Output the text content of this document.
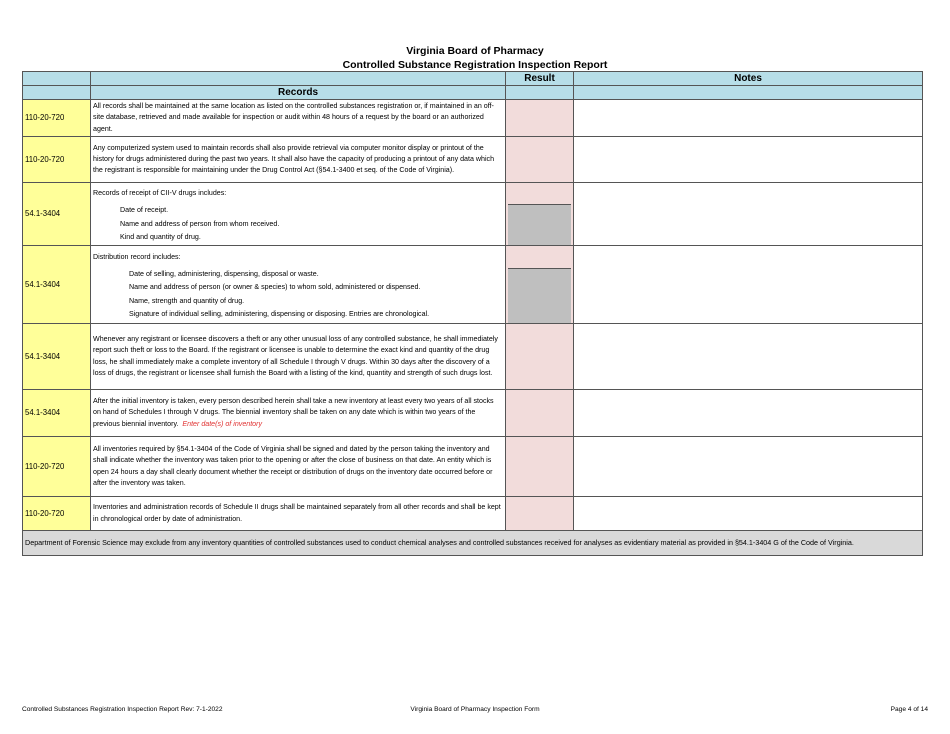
Virginia Board of Pharmacy
Controlled Substance Registration Inspection Report
		Result	Notes
	Records		
110-20-720	All records shall be maintained at the same location as listed on the controlled substances registration or, if maintained in an off-site database, retrieved and made available for inspection or audit within 48 hours of a request by the board or an authorized agent.		
110-20-720	Any computerized system used to maintain records shall also provide retrieval via computer monitor display or printout of the history for drugs administered during the past two years. It shall also have the capacity of producing a printout of any data which the registrant is responsible for maintaining under the Drug Control Act (§54.1-3400 et seq. of the Code of Virginia).		
54.1-3404	Records of receipt of CII-V drugs includes:
Date of receipt.
Name and address of person from whom received.
Kind and quantity of drug.		

54.1-3404	Distribution record includes:
Date of selling, administering, dispensing, disposal or waste.
Name and address of person (or owner & species) to whom sold, administered or dispensed.
Name, strength and quantity of drug.
Signature of individual selling, administering, dispensing or disposing. Entries are chronological.		

54.1-3404	Whenever any registrant or licensee discovers a theft or any other unusual loss of any controlled substance, he shall immediately report such theft or loss to the Board. If the registrant or licensee is unable to determine the exact kind and quantity of the drug loss, he shall immediately make a complete inventory of all Schedule I through V drugs. Within 30 days after the discovery of a loss of drugs, the registrant or licensee shall furnish the Board with a listing of the kind, quantity and strength of such drugs lost.		
54.1-3404	After the initial inventory is taken, every person described herein shall take a new inventory at least every two years of all stocks on hand of Schedules I through V drugs. The biennial inventory shall be taken on any date which is within two years of the previous biennial inventory. Enter date(s) of inventory		
110-20-720	All inventories required by §54.1-3404 of the Code of Virginia shall be signed and dated by the person taking the inventory and shall indicate whether the inventory was taken prior to the opening or after the close of business on that date. An entity which is open 24 hours a day shall clearly document whether the receipt or distribution of drugs on the inventory date occurred before or after the inventory was taken.		
110-20-720	Inventories and administration records of Schedule II drugs shall be maintained separately from all other records and shall be kept in chronological order by date of administration.		
Department of Forensic Science may exclude from any inventory quantities of controlled substances used to conduct chemical analyses and controlled substances received for analyses as evidentiary material as provided in §54.1-3404 G of the Code of Virginia.			
Controlled Substances Registration Inspection Report Rev: 7-1-2022	Virginia Board of Pharmacy Inspection Form	Page 4 of 14
